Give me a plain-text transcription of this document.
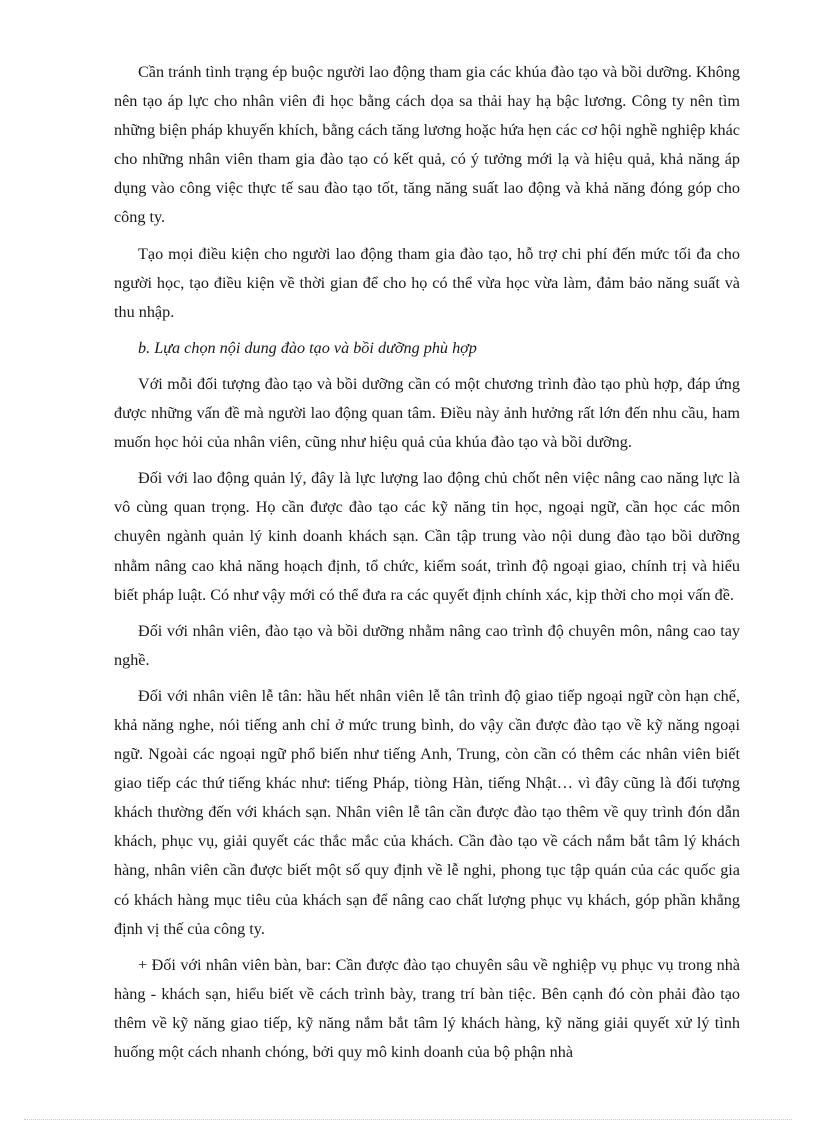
Cần tránh tình trạng ép buộc người lao động tham gia các khúa đào tạo và bồi dưỡng. Không nên tạo áp lực cho nhân viên đi học bằng cách dọa sa thải hay hạ bậc lương. Công ty nên tìm những biện pháp khuyến khích, bằng cách tăng lương hoặc hứa hẹn các cơ hội nghề nghiệp khác cho những nhân viên tham gia đào tạo có kết quả, có ý tưởng mới lạ và hiệu quả, khả năng áp dụng vào công việc thực tế sau đào tạo tốt, tăng năng suất lao động và khả năng đóng góp cho công ty.

Tạo mọi điều kiện cho người lao động tham gia đào tạo, hỗ trợ chi phí đến mức tối đa cho người học, tạo điều kiện về thời gian để cho họ có thể vừa học vừa làm, đảm bảo năng suất và thu nhập.

b. Lựa chọn nội dung đào tạo và bồi dưỡng phù hợp

Với mỗi đối tượng đào tạo và bồi dưỡng cần có một chương trình đào tạo phù hợp, đáp ứng được những vấn đề mà người lao động quan tâm. Điều này ảnh hưởng rất lớn đến nhu cầu, ham muốn học hỏi của nhân viên, cũng như hiệu quả của khúa đào tạo và bồi dưỡng.

Đối với lao động quản lý, đây là lực lượng lao động chủ chốt nên việc nâng cao năng lực là vô cùng quan trọng. Họ cần được đào tạo các kỹ năng tin học, ngoại ngữ, cần học các môn chuyên ngành quản lý kinh doanh khách sạn. Cần tập trung vào nội dung đào tạo bồi dưỡng nhằm nâng cao khả năng hoạch định, tổ chức, kiểm soát, trình độ ngoại giao, chính trị và hiểu biết pháp luật. Có như vậy mới có thể đưa ra các quyết định chính xác, kịp thời cho mọi vấn đề.

Đối với nhân viên, đào tạo và bồi dưỡng nhằm nâng cao trình độ chuyên môn, nâng cao tay nghề.

Đối với nhân viên lễ tân: hầu hết nhân viên lễ tân trình độ giao tiếp ngoại ngữ còn hạn chế, khả năng nghe, nói tiếng anh chỉ ở mức trung bình, do vậy cần được đào tạo về kỹ năng ngoại ngữ. Ngoài các ngoại ngữ phổ biến như tiếng Anh, Trung, còn cần có thêm các nhân viên biết giao tiếp các thứ tiếng khác như: tiếng Pháp, tiòng Hàn, tiếng Nhật… vì đây cũng là đối tượng khách thường đến với khách sạn. Nhân viên lễ tân cần được đào tạo thêm về quy trình đón dẫn khách, phục vụ, giải quyết các thắc mắc của khách. Cần đào tạo về cách nắm bắt tâm lý khách hàng, nhân viên cần được biết một số quy định về lễ nghi, phong tục tập quán của các quốc gia có khách hàng mục tiêu của khách sạn để nâng cao chất lượng phục vụ khách, góp phần khẳng định vị thế của công ty.

+ Đối với nhân viên bàn, bar: Cần được đào tạo chuyên sâu về nghiệp vụ phục vụ trong nhà hàng - khách sạn, hiểu biết về cách trình bày, trang trí bàn tiệc. Bên cạnh đó còn phải đào tạo thêm về kỹ năng giao tiếp, kỹ năng nắm bắt tâm lý khách hàng, kỹ năng giải quyết xử lý tình huống một cách nhanh chóng, bởi quy mô kinh doanh của bộ phận nhà
